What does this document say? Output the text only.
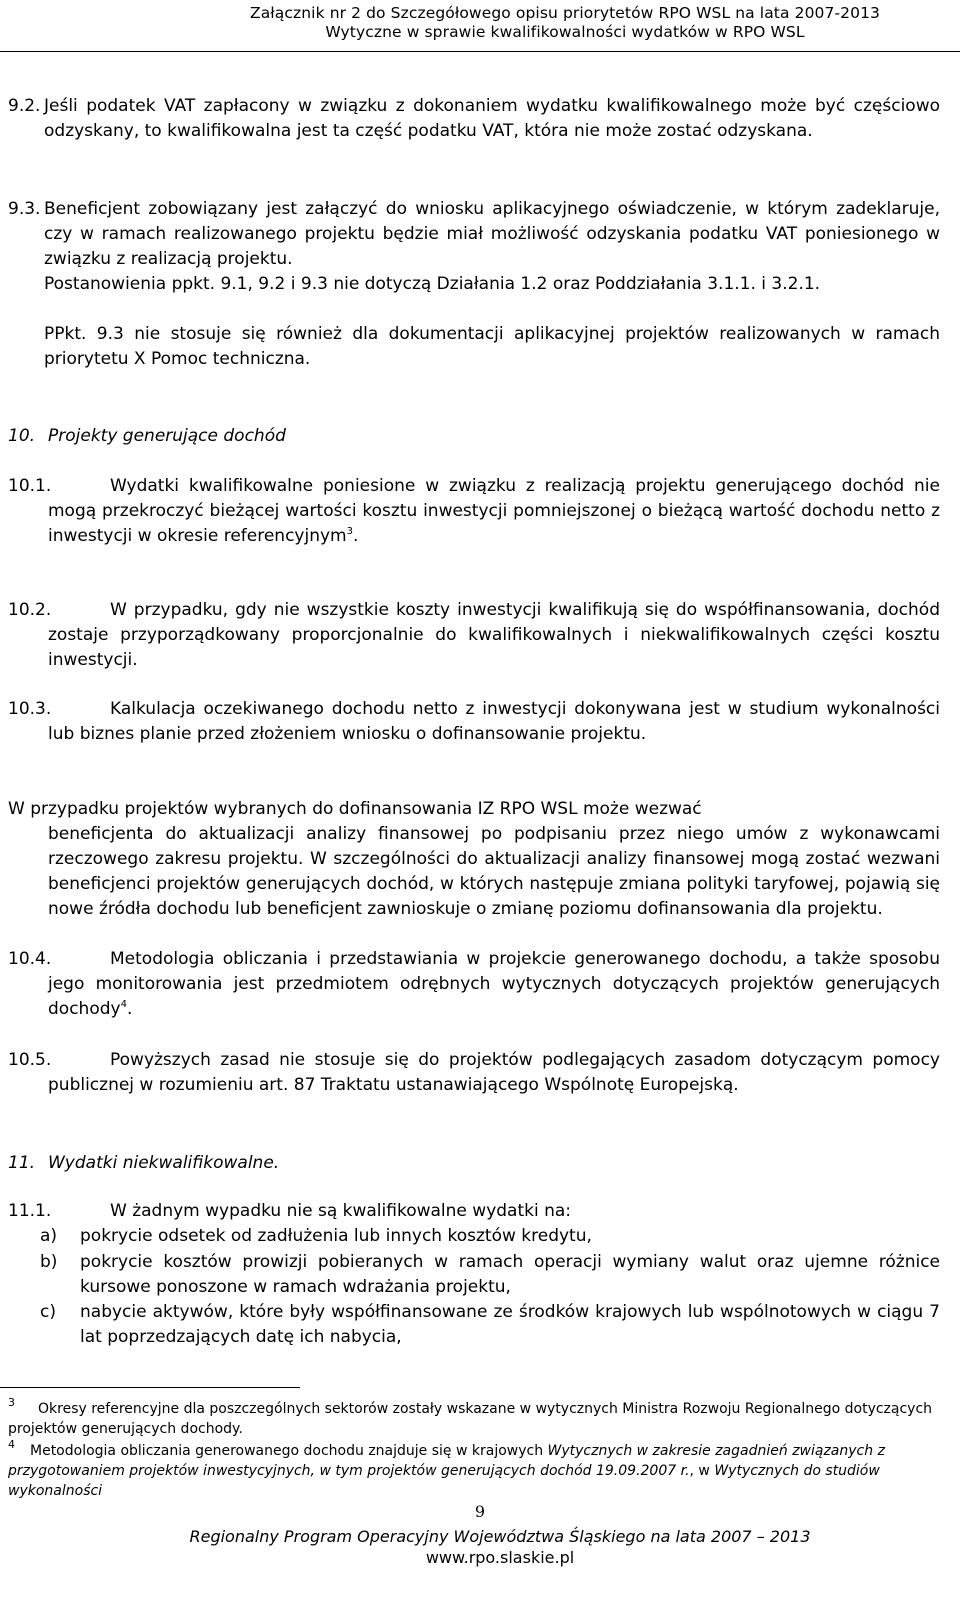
Załącznik nr 2 do Szczegółowego opisu priorytetów RPO WSL na lata 2007-2013
Wytyczne w sprawie kwalifikowalności wydatków w RPO WSL
9.2. Jeśli podatek VAT zapłacony w związku z dokonaniem wydatku kwalifikowalnego może być częściowo odzyskany, to kwalifikowalna jest ta część podatku VAT, która nie może zostać odzyskana.
9.3. Beneficjent zobowiązany jest załączyć do wniosku aplikacyjnego oświadczenie, w którym zadeklaruje, czy w ramach realizowanego projektu będzie miał możliwość odzyskania podatku VAT poniesionego w związku z realizacją projektu.
Postanowienia ppkt. 9.1, 9.2 i 9.3 nie dotyczą Działania 1.2 oraz Poddziałania 3.1.1. i 3.2.1.
PPkt. 9.3 nie stosuje się również dla dokumentacji aplikacyjnej projektów realizowanych w ramach priorytetu X Pomoc techniczna.
10. Projekty generujące dochód
10.1.	Wydatki kwalifikowalne poniesione w związku z realizacją projektu generującego dochód nie mogą przekroczyć bieżącej wartości kosztu inwestycji pomniejszonej o bieżącą wartość dochodu netto z inwestycji w okresie referencyjnym$^3$.
10.2.	W przypadku, gdy nie wszystkie koszty inwestycji kwalifikują się do współfinansowania, dochód zostaje przyporządkowany proporcjonalnie do kwalifikowalnych i niekwalifikowalnych części kosztu inwestycji.
10.3.	Kalkulacja oczekiwanego dochodu netto z inwestycji dokonywana jest w studium wykonalności lub biznes planie przed złożeniem wniosku o dofinansowanie projektu.
W przypadku projektów wybranych do dofinansowania IZ RPO WSL może wezwać
beneficjenta do aktualizacji analizy finansowej po podpisaniu przez niego umów z wykonawcami rzeczowego zakresu projektu. W szczególności do aktualizacji analizy finansowej mogą zostać wezwani beneficjenci projektów generujących dochód, w których następuje zmiana polityki taryfowej, pojawią się nowe źródła dochodu lub beneficjent zawnioskuje o zmianę poziomu dofinansowania dla projektu.
10.4.	Metodologia obliczania i przedstawiania w projekcie generowanego dochodu, a także sposobu jego monitorowania jest przedmiotem odrębnych wytycznych dotyczących projektów generujących dochody$^4$.
10.5.	Powyższych zasad nie stosuje się do projektów podlegających zasadom dotyczącym pomocy publicznej w rozumieniu art. 87 Traktatu ustanawiającego Wspólnotę Europejską.
11. Wydatki niekwalifikowalne.
11.1.	W żadnym wypadku nie są kwalifikowalne wydatki na:
a) pokrycie odsetek od zadłużenia lub innych kosztów kredytu,
b) pokrycie kosztów prowizji pobieranych w ramach operacji wymiany walut oraz ujemne różnice kursowe ponoszone w ramach wdrażania projektu,
c) nabycie aktywów, które były współfinansowane ze środków krajowych lub wspólnotowych w ciągu 7 lat poprzedzających datę ich nabycia,
3	Okresy referencyjne dla poszczególnych sektorów zostały wskazane w wytycznych Ministra Rozwoju Regionalnego dotyczących projektów generujących dochody.
4	Metodologia obliczania generowanego dochodu znajduje się w krajowych Wytycznych w zakresie zagadnień związanych z przygotowaniem projektów inwestycyjnych, w tym projektów generujących dochód 19.09.2007 r., w Wytycznych do studiów wykonalności
9
Regionalny Program Operacyjny Województwa Śląskiego na lata 2007 – 2013
www.rpo.slaskie.pl
